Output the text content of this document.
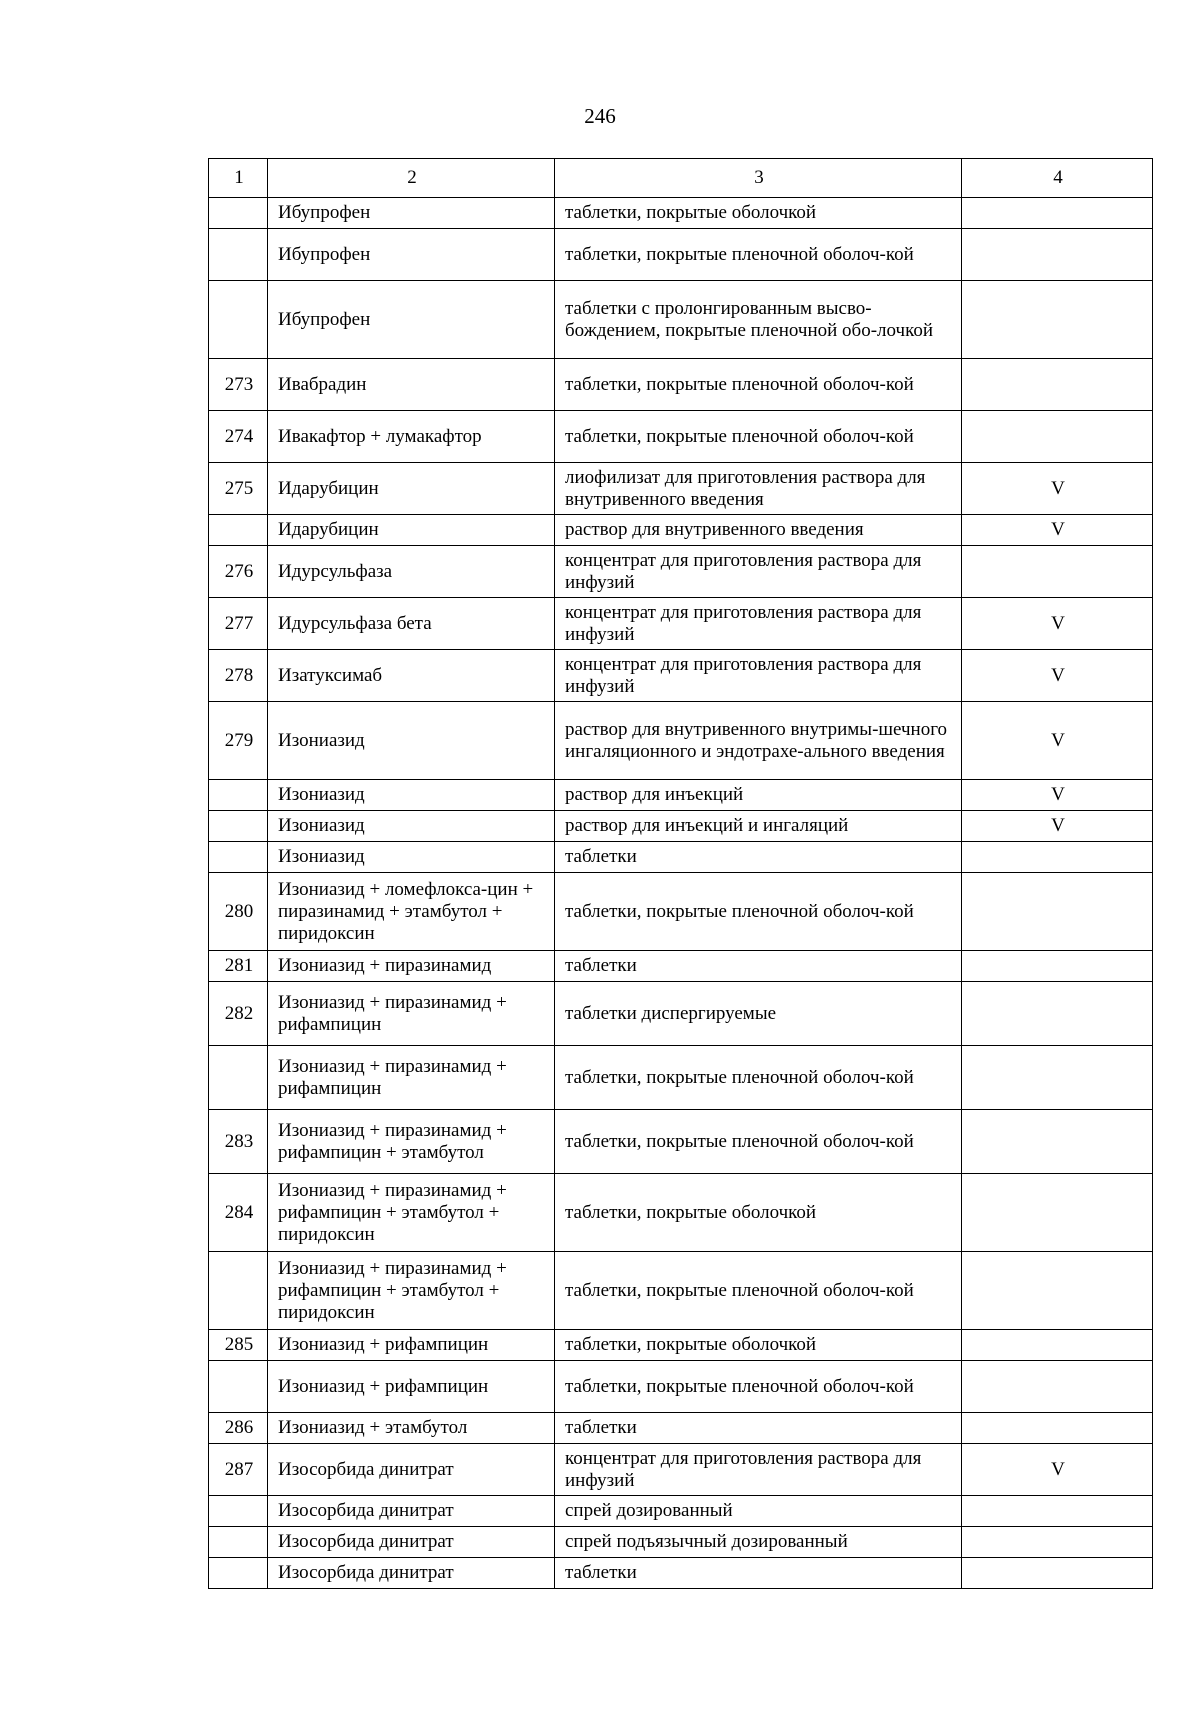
246
1	2	3	4
	Ибупрофен	таблетки, покрытые оболочкой	
	Ибупрофен	таблетки, покрытые пленочной оболоч-кой	
	Ибупрофен	таблетки с пролонгированным высво-бождением, покрытые пленочной обо-лочкой	
273	Ивабрадин	таблетки, покрытые пленочной оболоч-кой	
274	Ивакафтор + лумакафтор	таблетки, покрытые пленочной оболоч-кой	
275	Идарубицин	лиофилизат для приготовления раствора для внутривенного введения	V
	Идарубицин	раствор для внутривенного введения	V
276	Идурсульфаза	концентрат для приготовления раствора для инфузий	
277	Идурсульфаза бета	концентрат для приготовления раствора для инфузий	V
278	Изатуксимаб	концентрат для приготовления раствора для инфузий	V
279	Изониазид	раствор для внутривенного внутримы-шечного ингаляционного и эндотрахе-ального введения	V
	Изониазид	раствор для инъекций	V
	Изониазид	раствор для инъекций и ингаляций	V
	Изониазид	таблетки	
280	Изониазид + ломефлокса-цин + пиразинамид + этамбутол + пиридоксин	таблетки, покрытые пленочной оболоч-кой	
281	Изониазид + пиразинамид	таблетки	
282	Изониазид + пиразинамид + рифампицин	таблетки диспергируемые	
	Изониазид + пиразинамид + рифампицин	таблетки, покрытые пленочной оболоч-кой	
283	Изониазид + пиразинамид + рифампицин + этамбутол	таблетки, покрытые пленочной оболоч-кой	
284	Изониазид + пиразинамид + рифампицин + этамбутол + пиридоксин	таблетки, покрытые оболочкой	
	Изониазид + пиразинамид + рифампицин + этамбутол + пиридоксин	таблетки, покрытые пленочной оболоч-кой	
285	Изониазид + рифампицин	таблетки, покрытые оболочкой	
	Изониазид + рифампицин	таблетки, покрытые пленочной оболоч-кой	
286	Изониазид + этамбутол	таблетки	
287	Изосорбида динитрат	концентрат для приготовления раствора для инфузий	V
	Изосорбида динитрат	спрей дозированный	
	Изосорбида динитрат	спрей подъязычный дозированный	
	Изосорбида динитрат	таблетки	
